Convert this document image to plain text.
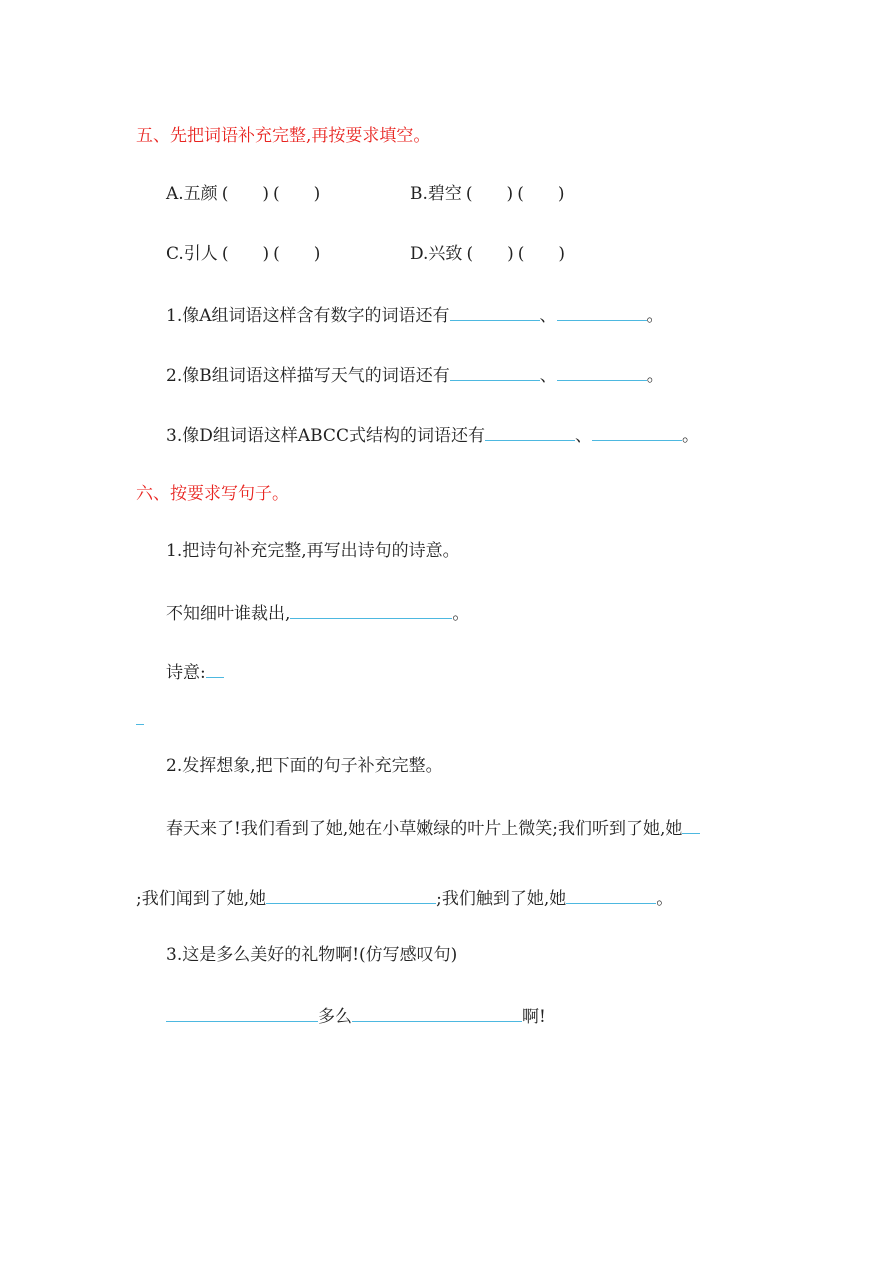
五、先把词语补充完整,再按要求填空。
A.五颜 ( ) ( )	B.碧空 ( ) ( )
C.引人 ( ) ( )	D.兴致 ( ) ( )
1.像A组词语这样含有数字的词语还有	、	。
2.像B组词语这样描写天气的词语还有	、	。
3.像D组词语这样ABCC式结构的词语还有	、	。
六、按要求写句子。
1.把诗句补充完整,再写出诗句的诗意。
不知细叶谁裁出,	。
诗意:
2.发挥想象,把下面的句子补充完整。
春天来了!我们看到了她,她在小草嫩绿的叶片上微笑;我们听到了她,她
;我们闻到了她,她	;我们触到了她,她	。
3.这是多么美好的礼物啊!(仿写感叹句)
多么	啊!
